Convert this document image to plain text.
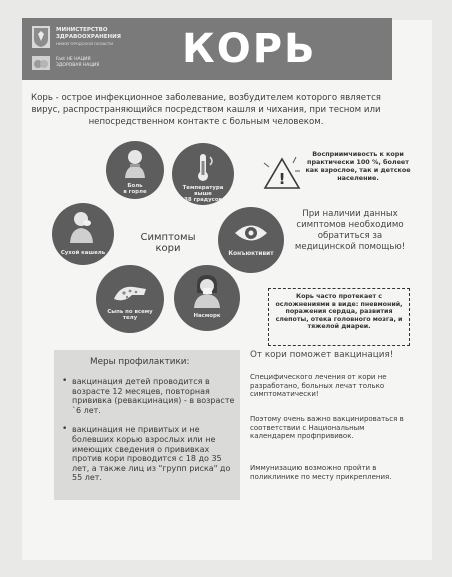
МИНИСТЕРСТВО
ЗДРАВООХРАНЕНИЯ
НИЖЕГОРОДСКОЙ ОБЛАСТИ
Fast НЕ НАЦИЯ
ЗДОРОВАЯ НАЦИЯ КОРЬ
Корь - острое инфекционное заболевание, возбудителем которого является вирус, распространяющийся посредством кашля и чихания, при тесном или непосредственном контакте с больным человеком.
Боль
в горле
Температура
выше
38 градусов
Сухой кашель
Симптомы
кори	Конъюктивит
Сыпь по всему
телу	Насморк
!
Восприимчивость к кори практически 100 %, болеет как взрослое, так и детское население.
При наличии данных симптомов необходимо обратиться за медицинской помощью!
Корь часто протекает с осложнениями в виде: пневмоний, поражения сердца, развития слепоты, отека головного мозга, и тяжелой диареи.
Меры профилактики:
• вакцинация детей проводится в возрасте 12 месяцев, повторная прививка (ревакцинация) - в возрасте `6 лет.
• вакцинация не привитых и не болевших корью взрослых или не имеющих сведения о прививках против кори проводится с 18 до 35 лет, а также лиц из "групп риска" до 55 лет.
От кори поможет вакцинация!
Специфического лечения от кори не разработано, больных лечат только симптоматически!
Поэтому очень важно вакцинироваться в соответствии с Национальным календарем профпрививок.
Иммунизацию возможно пройти в поликлинике по месту прикрепления.
